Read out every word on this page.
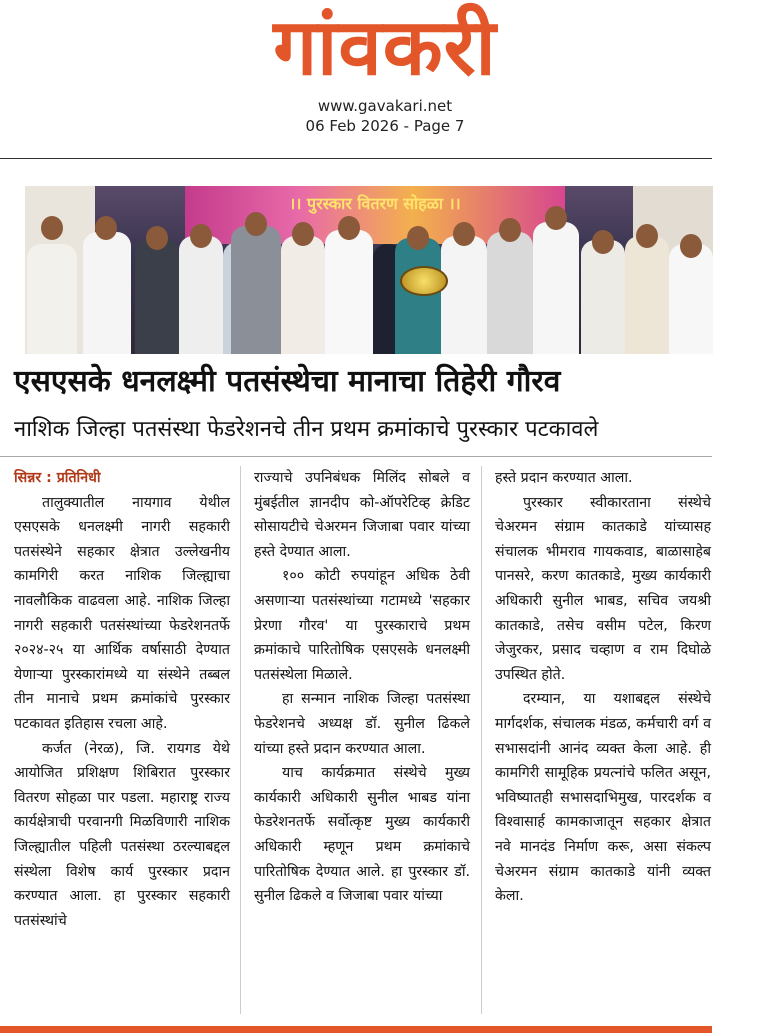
गांवकरी
www.gavakari.net
06 Feb 2026 - Page 7
।। पुरस्कार वितरण सोहळा ।।
एसएसके धनलक्ष्मी पतसंस्थेचा मानाचा तिहेरी गौरव
नाशिक जिल्हा पतसंस्था फेडरेशनचे तीन प्रथम क्रमांकाचे पुरस्कार पटकावले

सिन्नर : प्रतिनिधी

तालुक्यातील नायगाव येथील एसएसके धनलक्ष्मी नागरी सहकारी पतसंस्थेने सहकार क्षेत्रात उल्लेखनीय कामगिरी करत नाशिक जिल्ह्याचा नावलौकिक वाढवला आहे. नाशिक जिल्हा नागरी सहकारी पतसंस्थांच्या फेडरेशनतर्फे २०२४-२५ या आर्थिक वर्षासाठी देण्यात येणाऱ्या पुरस्कारांमध्ये या संस्थेने तब्बल तीन मानाचे प्रथम क्रमांकांचे पुरस्कार पटकावत इतिहास रचला आहे.

कर्जत (नेरळ), जि. रायगड येथे आयोजित प्रशिक्षण शिबिरात पुरस्कार वितरण सोहळा पार पडला. महाराष्ट्र राज्य कार्यक्षेत्राची परवानगी मिळविणारी नाशिक जिल्ह्यातील पहिली पतसंस्था ठरल्याबद्दल संस्थेला विशेष कार्य पुरस्कार प्रदान करण्यात आला. हा पुरस्कार सहकारी पतसंस्थांचे

राज्याचे उपनिबंधक मिलिंद सोबले व मुंबईतील ज्ञानदीप को-ऑपरेटिव्ह क्रेडिट सोसायटीचे चेअरमन जिजाबा पवार यांच्या हस्ते देण्यात आला.

१०० कोटी रुपयांहून अधिक ठेवी असणाऱ्या पतसंस्थांच्या गटामध्ये 'सहकार प्रेरणा गौरव' या पुरस्काराचे प्रथम क्रमांकाचे पारितोषिक एसएसके धनलक्ष्मी पतसंस्थेला मिळाले.

हा सन्मान नाशिक जिल्हा पतसंस्था फेडरेशनचे अध्यक्ष डॉ. सुनील ढिकले यांच्या हस्ते प्रदान करण्यात आला.

याच कार्यक्रमात संस्थेचे मुख्य कार्यकारी अधिकारी सुनील भाबड यांना फेडरेशनतर्फे सर्वोत्कृष्ट मुख्य कार्यकारी अधिकारी म्हणून प्रथम क्रमांकाचे पारितोषिक देण्यात आले. हा पुरस्कार डॉ. सुनील ढिकले व जिजाबा पवार यांच्या

हस्ते प्रदान करण्यात आला.

पुरस्कार स्वीकारताना संस्थेचे चेअरमन संग्राम कातकाडे यांच्यासह संचालक भीमराव गायकवाड, बाळासाहेब पानसरे, करण कातकाडे, मुख्य कार्यकारी अधिकारी सुनील भाबड, सचिव जयश्री कातकाडे, तसेच वसीम पटेल, किरण जेजुरकर, प्रसाद चव्हाण व राम दिघोळे उपस्थित होते.

दरम्यान, या यशाबद्दल संस्थेचे मार्गदर्शक, संचालक मंडळ, कर्मचारी वर्ग व सभासदांनी आनंद व्यक्त केला आहे. ही कामगिरी सामूहिक प्रयत्नांचे फलित असून, भविष्यातही सभासदाभिमुख, पारदर्शक व विश्वासार्ह कामकाजातून सहकार क्षेत्रात नवे मानदंड निर्माण करू, असा संकल्प चेअरमन संग्राम कातकाडे यांनी व्यक्त केला.
